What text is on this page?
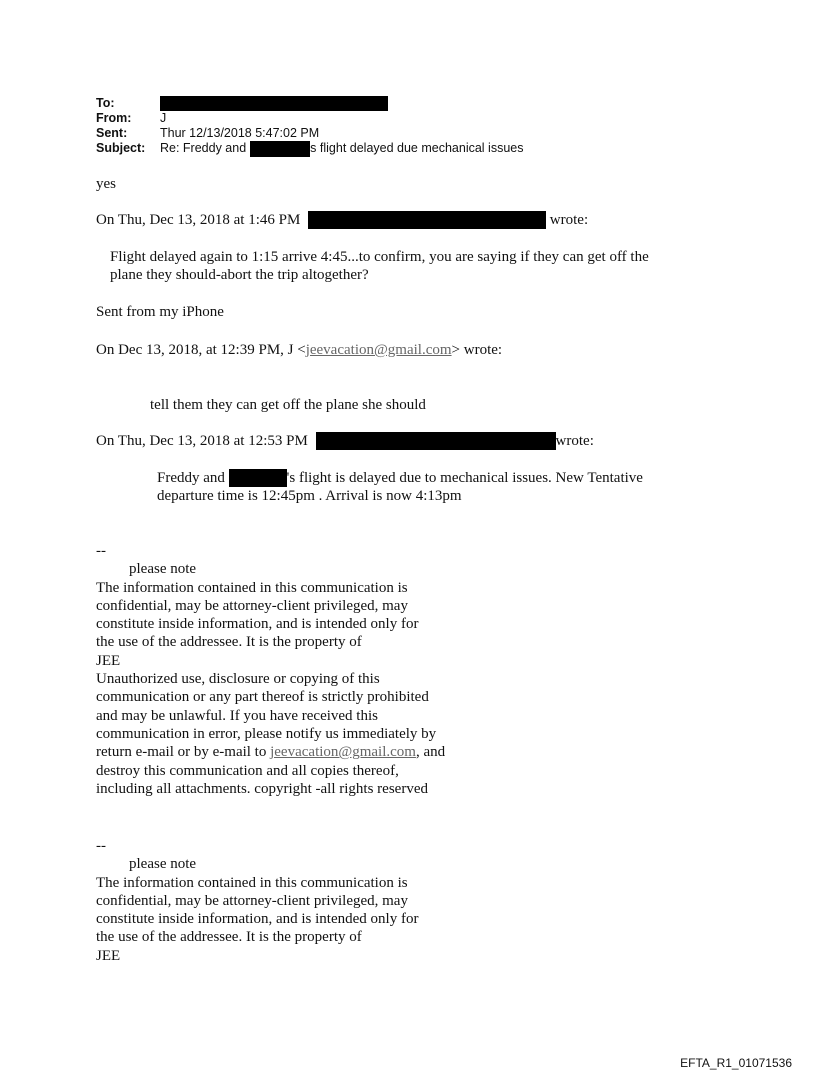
To:
From:	J
Sent:	Thur 12/13/2018 5:47:02 PM
Subject:	Re: Freddy and	s flight delayed due mechanical issues
yes
On Thu, Dec 13, 2018 at 1:46 PM	wrote:

Flight delayed again to 1:15 arrive 4:45...to confirm, you are saying if they can get off the

plane they should-abort the trip altogether?

Sent from my iPhone
On Dec 13, 2018, at 12:39 PM, J <jeevacation@gmail.com> wrote:
tell them they can get off the plane she should
On Thu, Dec 13, 2018 at 12:53 PM	wrote:

Freddy and	's flight is delayed due to mechanical issues. New Tentative

departure time is 12:45pm . Arrival is now 4:13pm

--

please note

The information contained in this communication is

confidential, may be attorney-client privileged, may

constitute inside information, and is intended only for

the use of the addressee. It is the property of

JEE

Unauthorized use, disclosure or copying of this

communication or any part thereof is strictly prohibited

and may be unlawful. If you have received this

communication in error, please notify us immediately by

return e-mail or by e-mail to jeevacation@gmail.com, and

destroy this communication and all copies thereof,

including all attachments. copyright -all rights reserved

--

please note

The information contained in this communication is

confidential, may be attorney-client privileged, may

constitute inside information, and is intended only for

the use of the addressee. It is the property of

JEE

EFTA_R1_01071536
